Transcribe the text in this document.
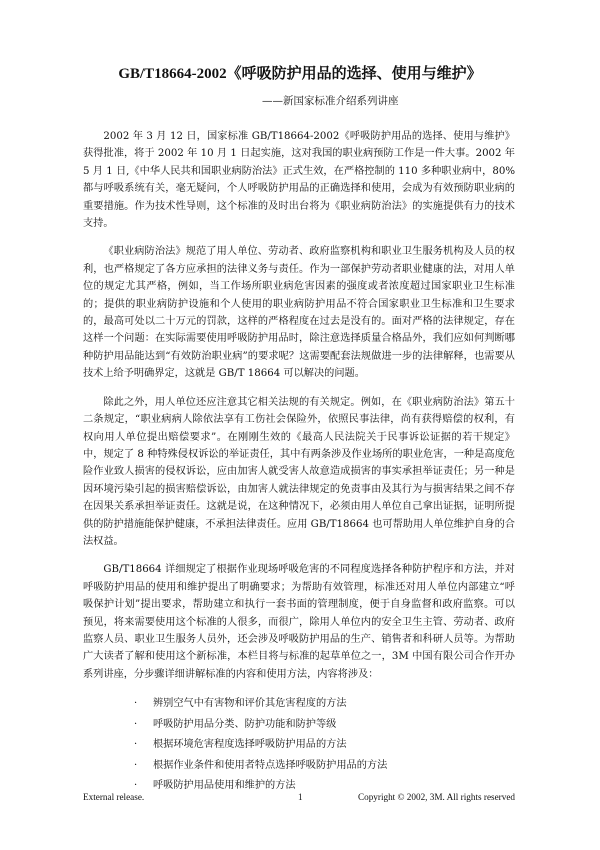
GB/T18664-2002《呼吸防护用品的选择、使用与维护》
——新国家标准介绍系列讲座

2002 年 3 月 12 日，国家标准 GB/T18664-2002《呼吸防护用品的选择、使用与维护》获得批准，将于 2002 年 10 月 1 日起实施，这对我国的职业病预防工作是一件大事。2002 年 5 月 1 日,《中华人民共和国职业病防治法》正式生效，在严格控制的 110 多种职业病中，80%都与呼吸系统有关，毫无疑问，个人呼吸防护用品的正确选择和使用，会成为有效预防职业病的重要措施。作为技术性导则，这个标准的及时出台将为《职业病防治法》的实施提供有力的技术支持。

《职业病防治法》规范了用人单位、劳动者、政府监察机构和职业卫生服务机构及人员的权利，也严格规定了各方应承担的法律义务与责任。作为一部保护劳动者职业健康的法，对用人单位的规定尤其严格，例如，当工作场所职业病危害因素的强度或者浓度超过国家职业卫生标准的；提供的职业病防护设施和个人使用的职业病防护用品不符合国家职业卫生标准和卫生要求的，最高可处以二十万元的罚款，这样的严格程度在过去是没有的。面对严格的法律规定，存在这样一个问题：在实际需要使用呼吸防护用品时，除注意选择质量合格品外，我们应如何判断哪种防护用品能达到“有效防治职业病”的要求呢？这需要配套法规做进一步的法律解释，也需要从技术上给予明确界定，这就是 GB/T 18664 可以解决的问题。

除此之外，用人单位还应注意其它相关法规的有关规定。例如，在《职业病防治法》第五十二条规定，“职业病病人除依法享有工伤社会保险外，依照民事法律，尚有获得赔偿的权利，有权向用人单位提出赔偿要求”。在刚刚生效的《最高人民法院关于民事诉讼证据的若干规定》中，规定了 8 种特殊侵权诉讼的举证责任，其中有两条涉及作业场所的职业危害，一种是高度危险作业致人损害的侵权诉讼，应由加害人就受害人故意造成损害的事实承担举证责任；另一种是因环境污染引起的损害赔偿诉讼，由加害人就法律规定的免责事由及其行为与损害结果之间不存在因果关系承担举证责任。这就是说，在这种情况下，必须由用人单位自己拿出证据，证明所提供的防护措施能保护健康，不承担法律责任。应用 GB/T18664 也可帮助用人单位维护自身的合法权益。

GB/T18664 详细规定了根据作业现场呼吸危害的不同程度选择各种防护程序和方法，并对呼吸防护用品的使用和维护提出了明确要求；为帮助有效管理，标准还对用人单位内部建立“呼吸保护计划”提出要求，帮助建立和执行一套书面的管理制度，便于自身监督和政府监察。可以预见，将来需要使用这个标准的人很多，而很广，除用人单位内的安全卫生主管、劳动者、政府监察人员、职业卫生服务人员外，还会涉及呼吸防护用品的生产、销售者和科研人员等。为帮助广大读者了解和使用这个新标准，本栏目将与标准的起草单位之一，3M 中国有限公司合作开办系列讲座，分步骤详细讲解标准的内容和使用方法，内容将涉及：

· 辨别空气中有害物和评价其危害程度的方法
· 呼吸防护用品分类、防护功能和防护等级
· 根据环境危害程度选择呼吸防护用品的方法
· 根据作业条件和使用者特点选择呼吸防护用品的方法
· 呼吸防护用品使用和维护的方法
External release.	1	Copyright © 2002, 3M. All rights reserved
